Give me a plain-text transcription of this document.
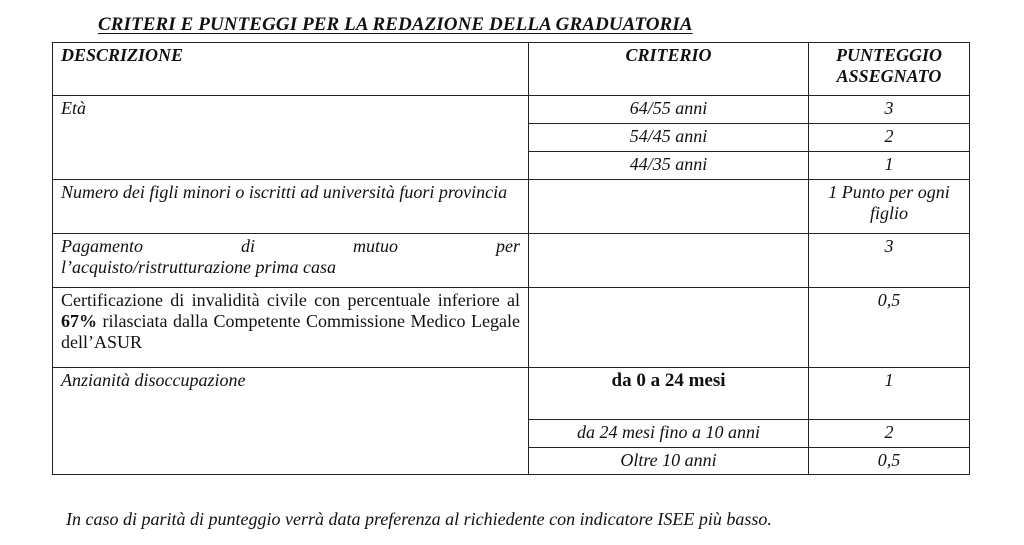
CRITERI E PUNTEGGI PER LA REDAZIONE DELLA GRADUATORIA
DESCRIZIONE	CRITERIO	PUNTEGGIO
ASSEGNATO
Età	64/55 anni	3
	54/45 anni	2
	44/35 anni	1
Numero dei figli minori o iscritti ad università fuori provincia		1 Punto per ogni figlio

Pagamento di mutuo per
l’acquisto/ristrutturazione prima casa		3
Certificazione di invalidità civile con percentuale inferiore al 67% rilasciata dalla Competente Commissione Medico Legale dell’ASUR		0,5
Anzianità disoccupazione	da 0 a 24 mesi	1
	da 24 mesi fino a 10 anni	2
	Oltre 10 anni	0,5
In caso di parità di punteggio verrà data preferenza al richiedente con indicatore ISEE più basso.
